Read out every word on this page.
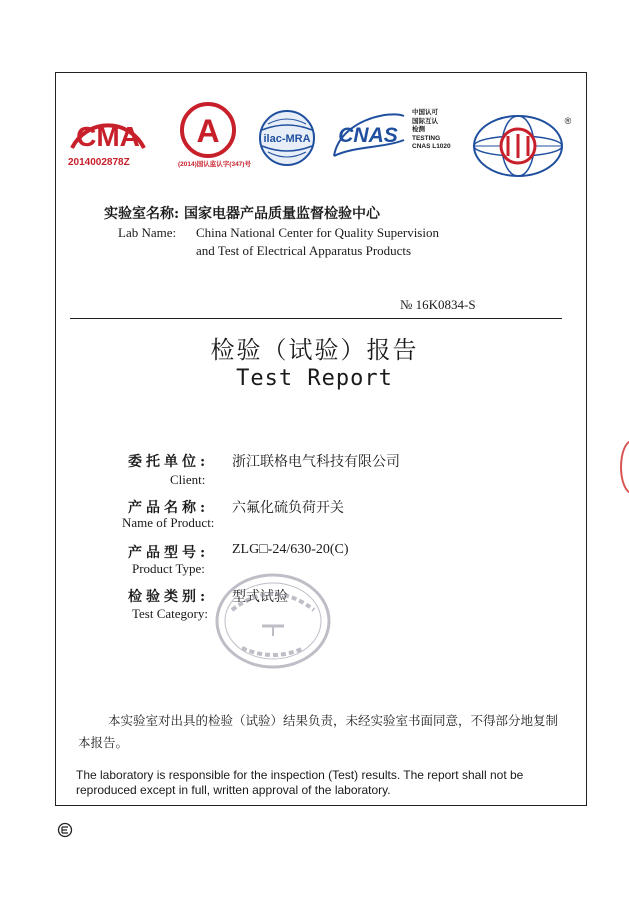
CMA
2014002878Z
A
(2014)国认监认字(347)号
ilac-MRA CNAS
中国认可
国际互认
检测
TESTING
CNAS L1020
®
实验室名称: 国家电器产品质量监督检验中心
Lab Name: China National Center for Quality Supervision
and Test of Electrical Apparatus Products
№ 16K0834-S
检验（试验）报告
Test Report
委托单位: 浙江联格电气科技有限公司
Client:
产品名称: 六氟化硫负荷开关
Name of Product:
产品型号: ZLG□-24/630-20(C)
Product Type:
检验类别: 型式试验
Test Category:
本实验室对出具的检验（试验）结果负责，未经实验室书面同意，不得部分地复制本报告。
The laboratory is responsible for the inspection (Test) results. The report shall not be reproduced except in full, written approval of the laboratory.
